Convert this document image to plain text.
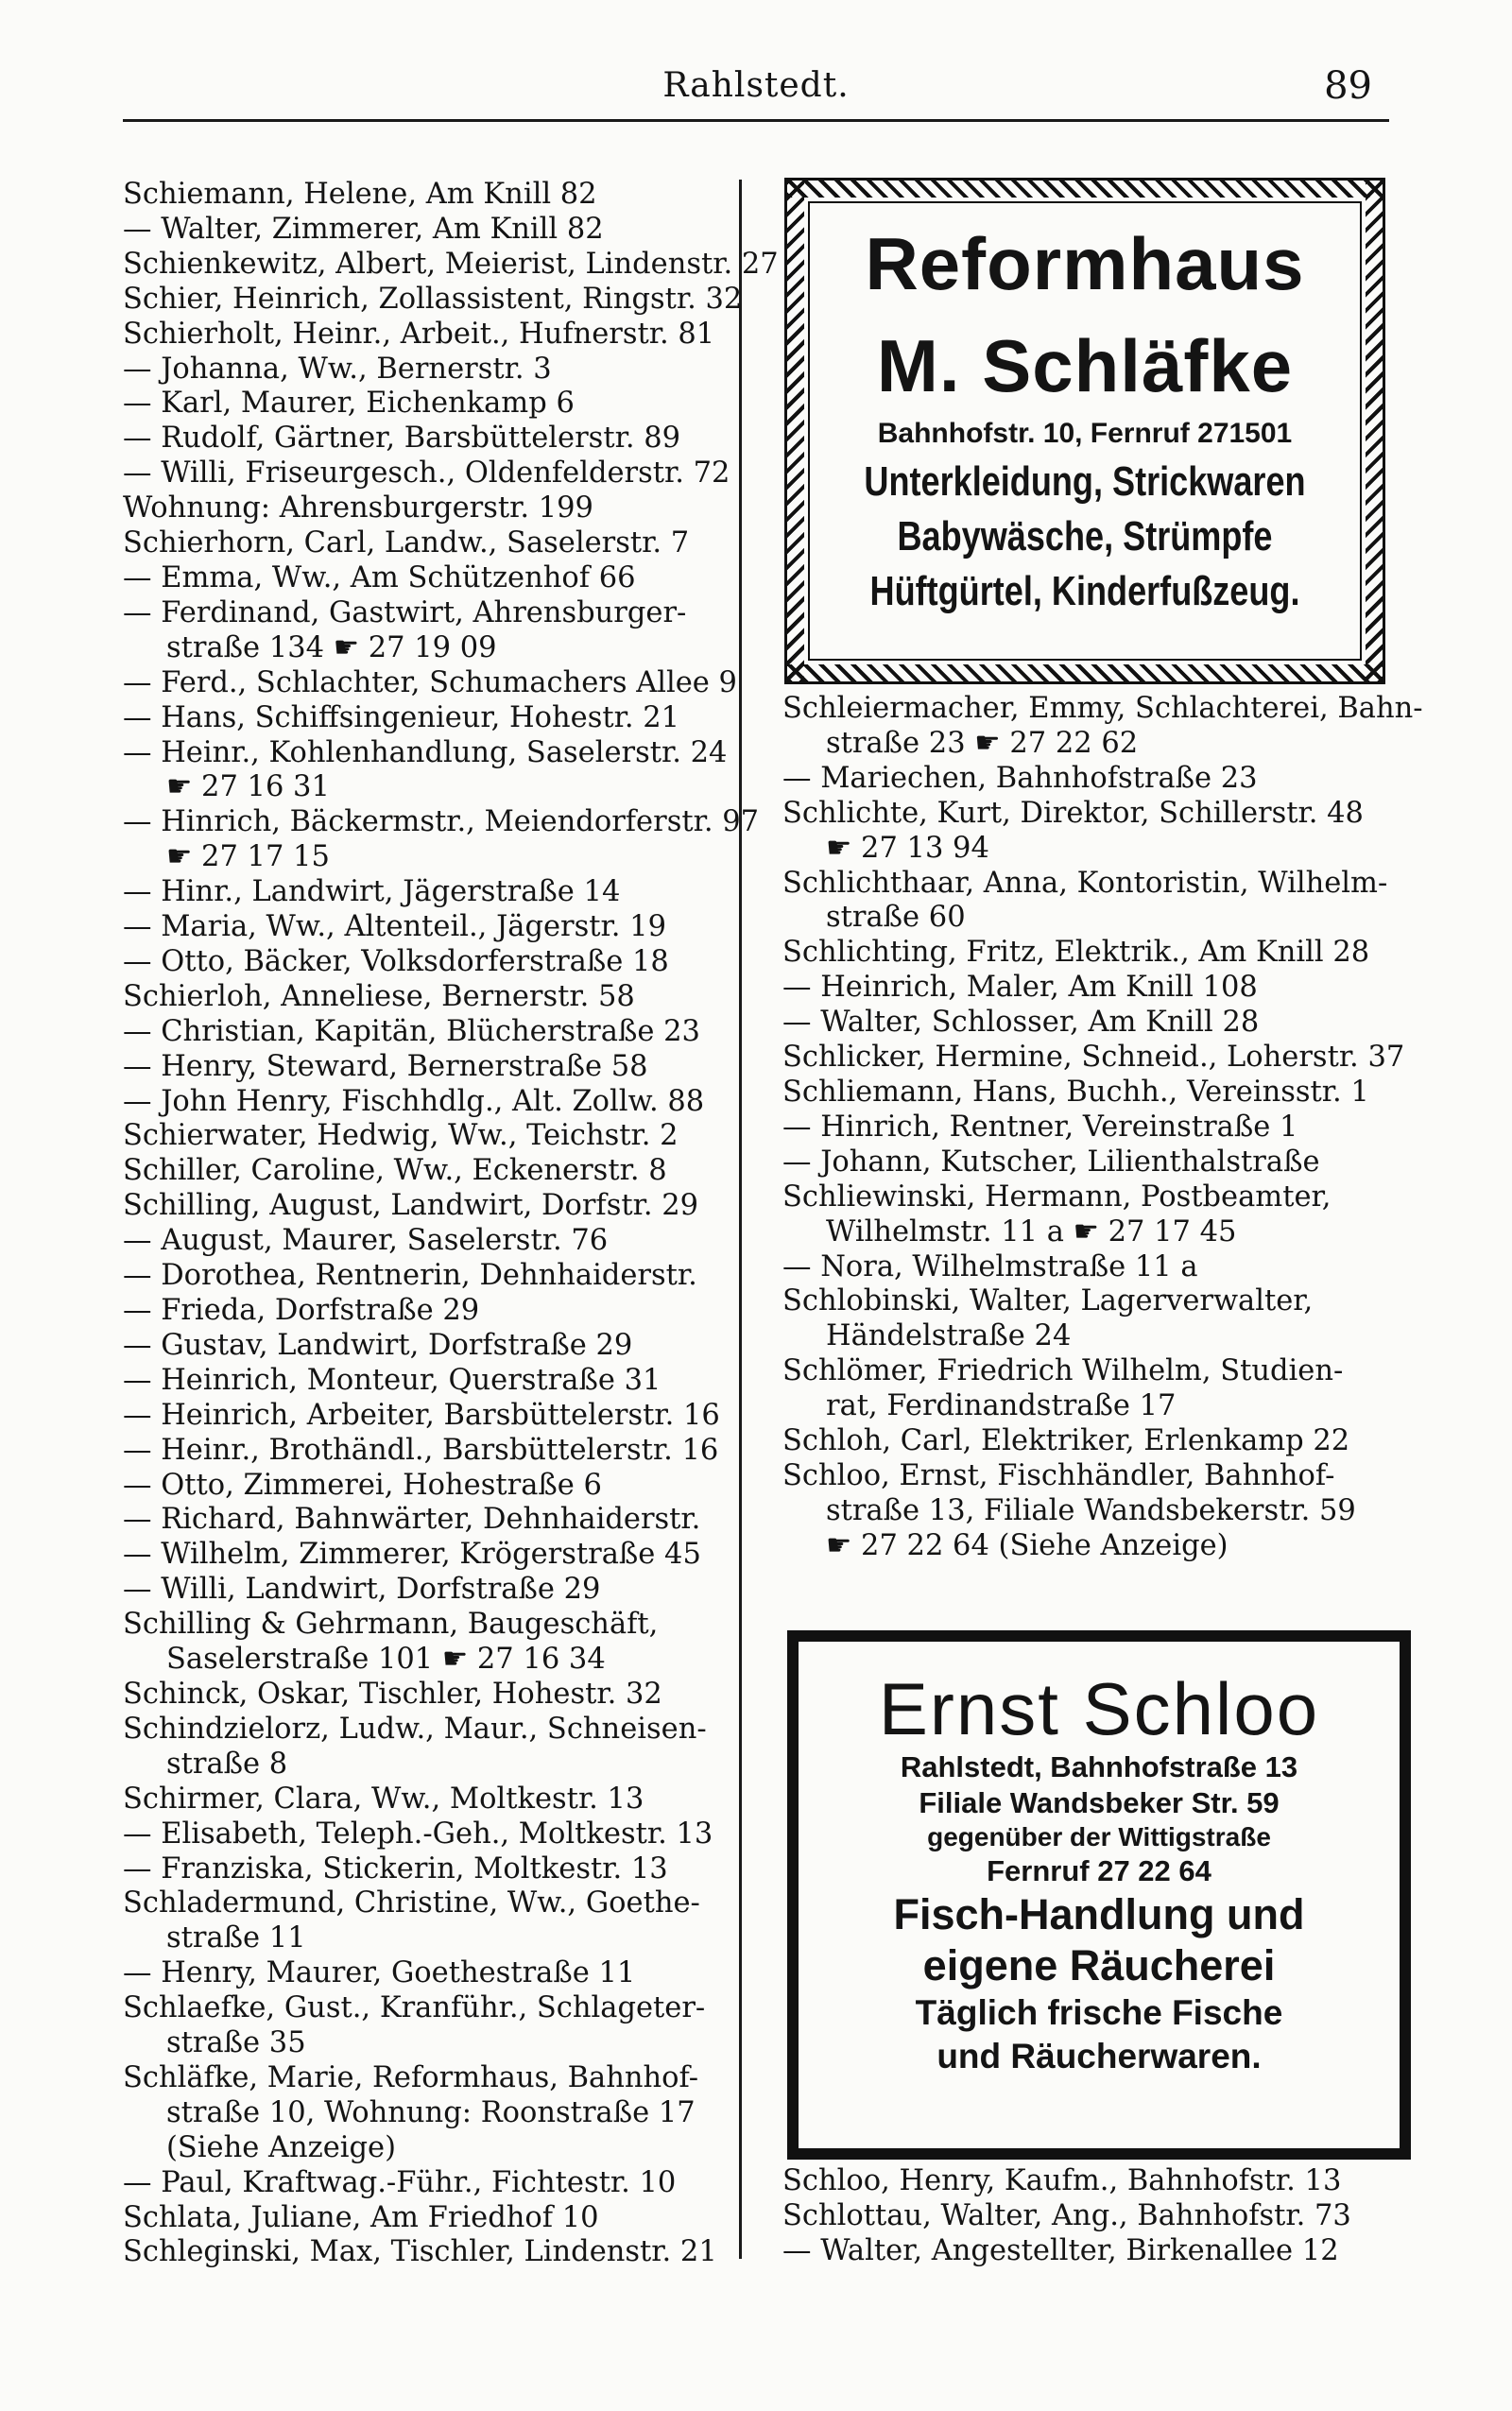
Rahlstedt.	89
Schiemann, Helene, Am Knill 82
— Walter, Zimmerer, Am Knill 82
Schienkewitz, Albert, Meierist, Lindenstr. 27
Schier, Heinrich, Zollassistent, Ringstr. 32
Schierholt, Heinr., Arbeit., Hufnerstr. 81
— Johanna, Ww., Bernerstr. 3
— Karl, Maurer, Eichenkamp 6
— Rudolf, Gärtner, Barsbüttelerstr. 89
— Willi, Friseurgesch., Oldenfelderstr. 72
Wohnung: Ahrensburgerstr. 199
Schierhorn, Carl, Landw., Saselerstr. 7
— Emma, Ww., Am Schützenhof 66
— Ferdinand, Gastwirt, Ahrensburger-
straße 134 ☛ 27 19 09
— Ferd., Schlachter, Schumachers Allee 9
— Hans, Schiffsingenieur, Hohestr. 21
— Heinr., Kohlenhandlung, Saselerstr. 24
☛ 27 16 31
— Hinrich, Bäckermstr., Meiendorferstr. 97
☛ 27 17 15
— Hinr., Landwirt, Jägerstraße 14
— Maria, Ww., Altenteil., Jägerstr. 19
— Otto, Bäcker, Volksdorferstraße 18
Schierloh, Anneliese, Bernerstr. 58
— Christian, Kapitän, Blücherstraße 23
— Henry, Steward, Bernerstraße 58
— John Henry, Fischhdlg., Alt. Zollw. 88
Schierwater, Hedwig, Ww., Teichstr. 2
Schiller, Caroline, Ww., Eckenerstr. 8
Schilling, August, Landwirt, Dorfstr. 29
— August, Maurer, Saselerstr. 76
— Dorothea, Rentnerin, Dehnhaiderstr.
— Frieda, Dorfstraße 29
— Gustav, Landwirt, Dorfstraße 29
— Heinrich, Monteur, Querstraße 31
— Heinrich, Arbeiter, Barsbüttelerstr. 16
— Heinr., Brothändl., Barsbüttelerstr. 16
— Otto, Zimmerei, Hohestraße 6
— Richard, Bahnwärter, Dehnhaiderstr.
— Wilhelm, Zimmerer, Krögerstraße 45
— Willi, Landwirt, Dorfstraße 29
Schilling & Gehrmann, Baugeschäft,
Saselerstraße 101 ☛ 27 16 34
Schinck, Oskar, Tischler, Hohestr. 32
Schindzielorz, Ludw., Maur., Schneisen-
straße 8
Schirmer, Clara, Ww., Moltkestr. 13
— Elisabeth, Teleph.-Geh., Moltkestr. 13
— Franziska, Stickerin, Moltkestr. 13
Schladermund, Christine, Ww., Goethe-
straße 11
— Henry, Maurer, Goethestraße 11
Schlaefke, Gust., Kranführ., Schlageter-
straße 35
Schläfke, Marie, Reformhaus, Bahnhof-
straße 10, Wohnung: Roonstraße 17
(Siehe Anzeige)
— Paul, Kraftwag.-Führ., Fichtestr. 10
Schlata, Juliane, Am Friedhof 10
Schleginski, Max, Tischler, Lindenstr. 21
Reformhaus
M. Schläfke
Bahnhofstr. 10, Fernruf 271501
Unterkleidung, Strickwaren
Babywäsche, Strümpfe
Hüftgürtel, Kinderfußzeug.
Schleiermacher, Emmy, Schlachterei, Bahn-
straße 23 ☛ 27 22 62
— Mariechen, Bahnhofstraße 23
Schlichte, Kurt, Direktor, Schillerstr. 48
☛ 27 13 94
Schlichthaar, Anna, Kontoristin, Wilhelm-
straße 60
Schlichting, Fritz, Elektrik., Am Knill 28
— Heinrich, Maler, Am Knill 108
— Walter, Schlosser, Am Knill 28
Schlicker, Hermine, Schneid., Loherstr. 37
Schliemann, Hans, Buchh., Vereinsstr. 1
— Hinrich, Rentner, Vereinstraße 1
— Johann, Kutscher, Lilienthalstraße
Schliewinski, Hermann, Postbeamter,
Wilhelmstr. 11 a ☛ 27 17 45
— Nora, Wilhelmstraße 11 a
Schlobinski, Walter, Lagerverwalter,
Händelstraße 24
Schlömer, Friedrich Wilhelm, Studien-
rat, Ferdinandstraße 17
Schloh, Carl, Elektriker, Erlenkamp 22
Schloo, Ernst, Fischhändler, Bahnhof-
straße 13, Filiale Wandsbekerstr. 59
☛ 27 22 64 (Siehe Anzeige)
Ernst Schloo
Rahlstedt, Bahnhofstraße 13
Filiale Wandsbeker Str. 59
gegenüber der Wittigstraße
Fernruf 27 22 64
Fisch-Handlung und
eigene Räucherei
Täglich frische Fische
und Räucherwaren.
Schloo, Henry, Kaufm., Bahnhofstr. 13
Schlottau, Walter, Ang., Bahnhofstr. 73
— Walter, Angestellter, Birkenallee 12
